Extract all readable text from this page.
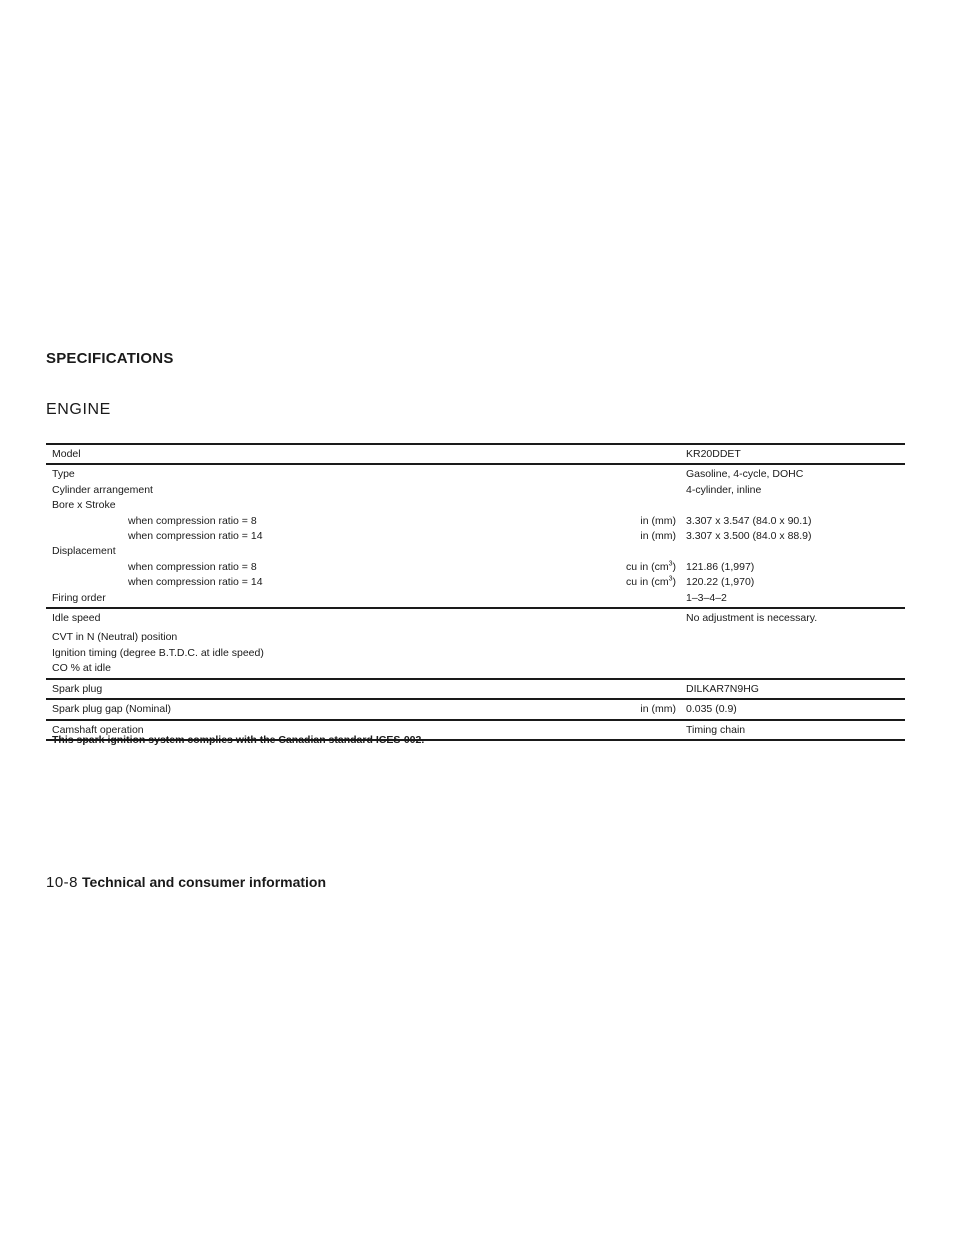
SPECIFICATIONS
ENGINE
Model		KR20DDET
Type		Gasoline, 4-cycle, DOHC
Cylinder arrangement		4-cylinder, inline
Bore x Stroke		
when compression ratio = 8	in (mm)	3.307 x 3.547 (84.0 x 90.1)
when compression ratio = 14	in (mm)	3.307 x 3.500 (84.0 x 88.9)
Displacement		
when compression ratio = 8	cu in $(cm^3)$	121.86 (1,997)
when compression ratio = 14	cu in $(cm^3)$	120.22 (1,970)
Firing order		1–3–4–2
Idle speed		No adjustment is necessary.
CVT in N (Neutral) position		
Ignition timing (degree B.T.D.C. at idle speed)		
CO % at idle		
Spark plug		DILKAR7N9HG
Spark plug gap (Nominal)	in (mm)	0.035 (0.9)
Camshaft operation		Timing chain

This spark ignition system complies with the Canadian standard ICES-002.

10-8 Technical and consumer information
